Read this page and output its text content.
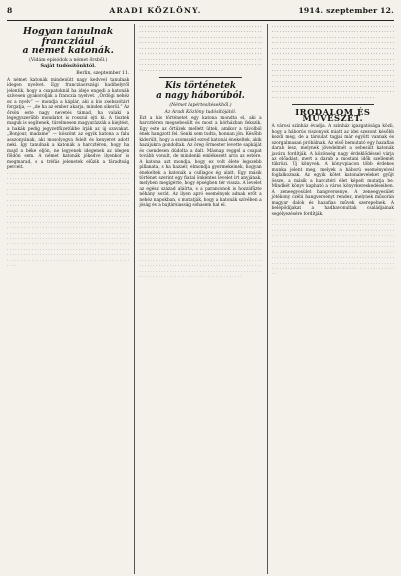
8	ARADI KÖZLÖNY.	1914. szeptember 12.
Hogyan tanulnak francziául
a német katonák.
(Vidám episódok a német őrsből.)
Saját tudósítónktól.
Berlin, szeptember 11.

A német katonák mindenütt nagy kedvvel tanulnak idegen nyelvet. Egy francziaországi hadihelyről jelentik, hogy a csapatoknál ha ideje engedi a katonák szívesen gyakorolják a franczia nyelvet. „Ördögi nehéz ez a nyelv” — mondja a káplár, aki a kis zsebszótárt forgatja, — „de ha az ember akarja, minden sikerül.” Az őrsön este nagy nevetés támad, ha valaki a legegyszerűbb mondatot is rosszul ejti ki. A tisztek maguk is segítenek, türelmesen magyarázzák a kiejtést, a bakák pedig jegyzetfüzetükbe írják az új szavakat. „Bonjour, madame” — köszönt az egyik katona a falu asszonyának, aki mosolyogva felelt és kenyeret adott neki. Így tanulnak a katonák a harcztéren, hogy ha majd a béke eljön, ne legyenek idegenek az idegen földön sem. A német katonák jókedve ilyenkor is megmarad, s a tréfás jelenetek elűzik a fáradtság perceit.

. . . . . . . . . . . . . . . . . . . . . . . . . . . . . . . . . . . . . . . . . . . . . . . . . . . . . . . . . . . . . . . . . . . . . . . . . . . . . . . . . . . . . . . . . . . . . . . . . . . . . . . . . . . . . . . . . . . . . . . . . . . . . . . . . . . . . . . . . . . . . . . . . . . . . . . . . . . . . . . . . . . . . . . . . . . . . . . . . . . . . . . . . . . . . . . . . . . . . . . . . . . . . . . . . . . . . . . . . . . . . . . . . . . . . . . . . . . . . . . . . . . . . . . . . . . . . . . . . . . . . . . . . . . . . . . . . . . . . . . . . . . . . . . . . . . . . . . . . . . . . . . . . . . . . . . . . . . . . . . . . . . . . . . . . . . . . . . . . . . . . . . . . . . . . . . . . . . . . . . . . . . . . . . . . . . . . . . . . . . . . . . . . . . . . . . . . . . . . . . . . . . . . . . . . . . . . . . . . . . . . . . . . . . . . . . . . . . . . . . . . . . . . . . . . . . . . . . . . . . . . . . . . . . . . . . . . . . . . . . . . . . . . . . . . . . . . . . . . . . . . . . . . . . . . . . . . . . . . . . . . . . . . . . . . . . . . . . . . . . . . . . . . . . . . . . . . . . . . . . . . . . . . . . . . . . . . . . . . . . . . . . . . . . . . . . . . . . . . . . . . . . . . . . . . . . . . . . . . . . . . . . . . . . . . . . . . . . . . . . . . . . . . . . . . . . . . . . . . . . . . . . . . . . . . . . . . . . . . . . . . . . . . . . . . . . . . . . . . . . . . . . . . . . . . . . . . . . . . . . . . . . . . . . . . . . . . . . . . . . . . . . . . . . . . . . . . . . . . . . . . . . . . . . . .

. . . . . . . . . . . . . . . . . . . . . . . . . . . . . . . . . . . . . . . . . . . . . . . . . . . . . . . . . . . . . . . . . . . . . . . . . . . . . . . . . . . . . . . . . . . . . . . . . . . . . . . . . . . . . . . . . . . . . . . . . . . . . . . . . . . . . . . . . . . . . . . . . . . . . . . . . . . . . . . . . . . . . . . . . . . . . . . . . . . . . . . . . . . . . . . . . . . . . . . . . . . . . . . . . . . . . . . . . . . . . . . . . . . . . . . . . . . . . . . . . . . . . . . . . . . . . . . . . . . . . . . . . . . . . . . . . . . . . . . . . . . . . . . . . . . . . . . . . . . . . . . . . . . . . . . . . . . . . . . . . . . . . . . . . . . . . . . . . . . . . . . . . . . . . . . . . . . . . . . . . . . . . . . . . . . . . . . . . . . . . . . . . . . . . . .

Kis történetek
a nagy háborúból.
(Német lapértesítésekből.)
Az Aradi Közlöny tudósítójától.

Ezt a kis történetet egy katona mondta el, aki a harcztéren megsebesült és most a kórházban fekszik. Egy este az őrtüzek mellett ültek, amikor a távolból ének hangzott fel. Senki sem tudta, honnan jön. Később kiderült, hogy a szomszéd ezred katonái énekeltek, akik hazájukra gondoltak. Az öreg őrmester levette sapkáját és csendesen dúdolta a dalt. Másnap reggel a csapat tovább vonult, de mindenki emlékezett arra az estére. A katona azt mondja, hogy ez volt élete legszebb pillanata, s ha hazaér, elmondja gyermekeinek, hogyan énekeltek a katonák a csillagos ég alatt. Egy másik történet szerint egy fiatal önkéntes levelet írt anyjának, melyben megígérte, hogy épségben tér vissza. A levelet az egész század aláírta, s a parancsnok is hozzáfűzte néhány sorát. Az ilyen apró események adnak erőt a nehéz napokban, s mutatják, hogy a katonák szívében a jóság és a bajtársiasság sohasem hal el.

. . . . . . . . . . . . . . . . . . . . . . . . . . . . . . . . . . . . . . . . . . . . . . . . . . . . . . . . . . . . . . . . . . . . . . . . . . . . . . . . . . . . . . . . . . . . . . . . . . . . . . . . . . . . . . . . . . . . . . . . . . . . . . . . . . . . . . . . . . . . . . . . . . . . . . . . . . . . . . . . . . . . . . . . . . . . . . . . . . . . . . . . . . . . . . . . . . . . . . . . . . . . . . . . . . . . . . . . . . . . . . . . . . . . . . . . . . . . . . . . . . . . . . . . . . . . . . . . . . . . . . . . . . . . . . . . . . . . . . . . . . . . . . . . . . . . . . . . . . . . . . . . . . . . . . . . . . . . . . . . . . . . . . . . . . . . . . . . . . . . . . . . . . . . . . . . . . . . . . . . . . . . . . . . . . . . . . . . . . . . . . . . . . . . . . . . . . . . . . . . . . . . . . . . . . . . . . . . . . . . . . . . . . . . . . . . . . . . . . . . . . . . . . . . . . . . . . . . . . . . . . . . . . . . . . . . . . . . . . . . . . . . . . . . . . . . . . . . . . . . . . . . . . . . . . . . . . . . . . . . . . . . . . . . . . . . . . . . . . . . . . . . . . . . . . . . . . . . . . . . . . . . . . . . . . . . . . . . . .

. . . . . . . . . . . . . . . . . . . . . . . . . . . . . . . . . . . . . . . . . . . . . . . . . . . . . . . . . . . . . . . . . . . . . . . . . . . . . . . . . . . . . . . . . . . . . . . . . . . . . . . . . . . . . . . . . . . . . . . . . . . . . . . . . . . . . . . . . . . . . . . . . . . . . . . . . . . . . . . . . . . . . . . . . . . . . . . . . . . . . . . . . . . . . . . . . . . . . . . . . . . . . . . . . . . . . . . . . . . . . . . . . . . . . . . . . . . . . . . . . . . . . . . . . . . . . . . . . . . . . . . . . . . . . . . . . . . . . . . . . . . . . . . . . . . . . . . . . . . . . . . . . . . . . . . . . . . . . . . . . . . . . . . . . . . . . . . . . . . . . . . . . . . . . . . . . . . . . . . . . . . . . . . . . . . . . . . . . . . . . . . . . . . . . . . . . . . . . . . . . . . . . . . . . . . . . . . . . . . . . . . . . . . . . . . . . . . . . . . . . . . . . . . . . . . . . . . . . . . . . . . . . . . . . . . . . . . . . . . . . . . . . . . . . . . . . . . . . . . . . . . . . . . . . . . . . . . . . . . . . . . . . . . . . . . . . . . . . . . . . . . . . . . . . . . . . . . . . . . . . . . . . . . . . . . . . . . . . . . . . . . . . . . . . . . . . . . . . . . . . . . . . . . . . . . . . . . . . . . . . . .

IRODALOM ÉS MŰVÉSZET.

A városi színház évadja. A színház igazgatósága közli, hogy a háborús viszonyok miatt az idei szezont később kezdi meg, de a társulat tagjai már együtt vannak és szorgalmasan próbálnak. Az első bemutató egy hazafias darab lesz, melynek jövedelmét a sebesült katonák javára fordítják. A közönség nagy érdeklődéssel várja az előadást, mert a darab a mostani idők szellemét tükrözi. Új könyvek. A könyvpiacon több érdekes munka jelent meg, melyek a háború eseményeivel foglalkoznak. Az egyik kötet katonaleveleket gyűjt össze, a másik a harcztéri élet képeit mutatja be. Mindkét könyv kapható a város könyvkereskedéseiben. A zeneegyesület hangversenye. A zeneegyesület jótékony czélú hangversenyt rendez, melynek műsorán magyar dalok és hazafias művek szerepelnek. A belépődíjakat a hadbavonultak családjainak segélyezésére fordítják.

. . . . . . . . . . . . . . . . . . . . . . . . . . . . . . . . . . . . . . . . . . . . . . . . . . . . . . . . . . . . . . . . . . . . . . . . . . . . . . . . . . . . . . . . . . . . . . . . . . . . . . . . . . . . . . . . . . . . . . . . . . . . . . . . . . . . . . . . . . . . . . . . . . . . . . . . . . . . . . . . . . . . . . . . . . . . . . . . . . . . . . . . . . . . . . . . . . . . . . . . . . . . . . . . . . . . . . . . . . . . . . . . . . . . . . . . . . . . . . . . . . . . . . . . . . . . . . . . . . . . . . . . . . . . . . . . . . . . . . . . . . . . . . . . . . . . . . . . . . . . . . . . . . . . . . . . . . . . . . . . . . . . . . . . . . . . . . . . . . . . . . . . . . . . . . . . . . . . . . . . . . . . . . . . . . . . . . . . . . . . . . . . . . . . . . . . . . . . . . . . . . . . . . . . . . . . . . . . . . . . . . . . . . . . . . . . . . . . . . . . . . . . . . . . . . . .
